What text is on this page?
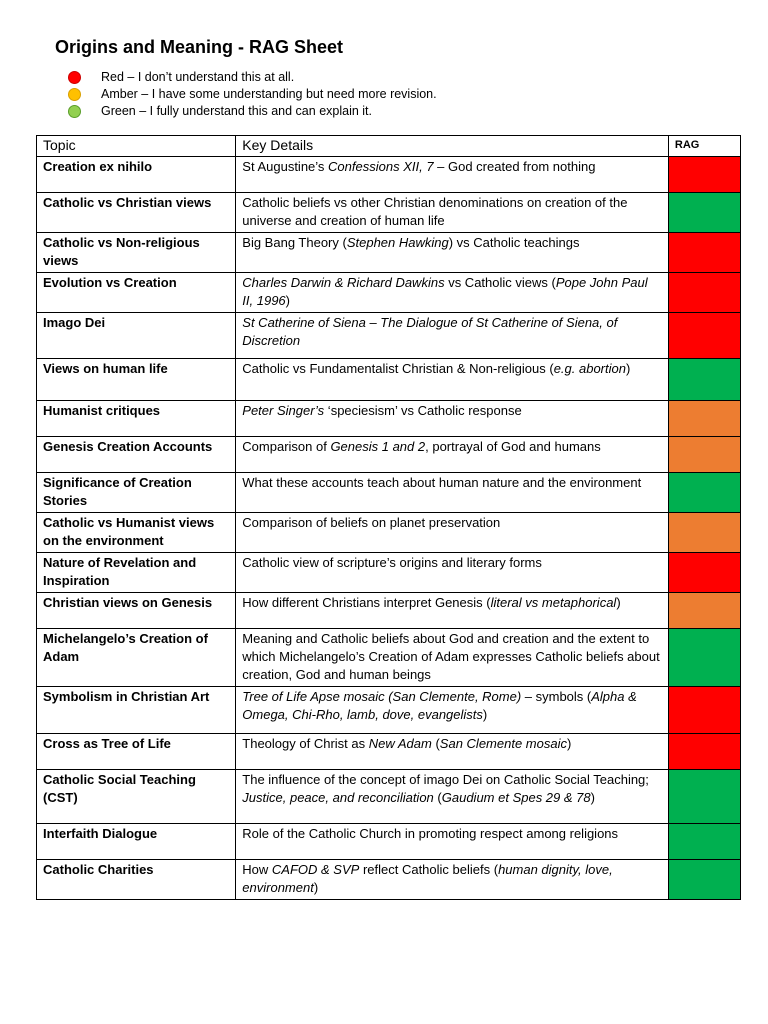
Origins and Meaning - RAG Sheet
Red – I don’t understand this at all.
Amber – I have some understanding but need more revision.
Green – I fully understand this and can explain it.
Topic	Key Details	RAG
Creation ex nihilo	St Augustine’s Confessions XII, 7 – God created from nothing	
Catholic vs Christian views	Catholic beliefs vs other Christian denominations on creation of the universe and creation of human life	
Catholic vs Non-religious views	Big Bang Theory (Stephen Hawking) vs Catholic teachings	
Evolution vs Creation	Charles Darwin & Richard Dawkins vs Catholic views (Pope John Paul II, 1996)	
Imago Dei	St Catherine of Siena – The Dialogue of St Catherine of Siena, of Discretion	
Views on human life	Catholic vs Fundamentalist Christian & Non-religious (e.g. abortion)	
Humanist critiques	Peter Singer’s ‘speciesism’ vs Catholic response	
Genesis Creation Accounts	Comparison of Genesis 1 and 2, portrayal of God and humans	
Significance of Creation Stories	What these accounts teach about human nature and the environment	
Catholic vs Humanist views on the environment	Comparison of beliefs on planet preservation	
Nature of Revelation and Inspiration	Catholic view of scripture’s origins and literary forms	
Christian views on Genesis	How different Christians interpret Genesis (literal vs metaphorical)	
Michelangelo’s Creation of Adam	Meaning and Catholic beliefs about God and creation and the extent to which Michelangelo’s Creation of Adam expresses Catholic beliefs about creation, God and human beings	
Symbolism in Christian Art	Tree of Life Apse mosaic (San Clemente, Rome) – symbols (Alpha & Omega, Chi-Rho, lamb, dove, evangelists)	
Cross as Tree of Life	Theology of Christ as New Adam (San Clemente mosaic)	
Catholic Social Teaching (CST)	The influence of the concept of imago Dei on Catholic Social Teaching; Justice, peace, and reconciliation (Gaudium et Spes 29 & 78)	
Interfaith Dialogue	Role of the Catholic Church in promoting respect among religions	
Catholic Charities	How CAFOD & SVP reflect Catholic beliefs (human dignity, love, environment)	
